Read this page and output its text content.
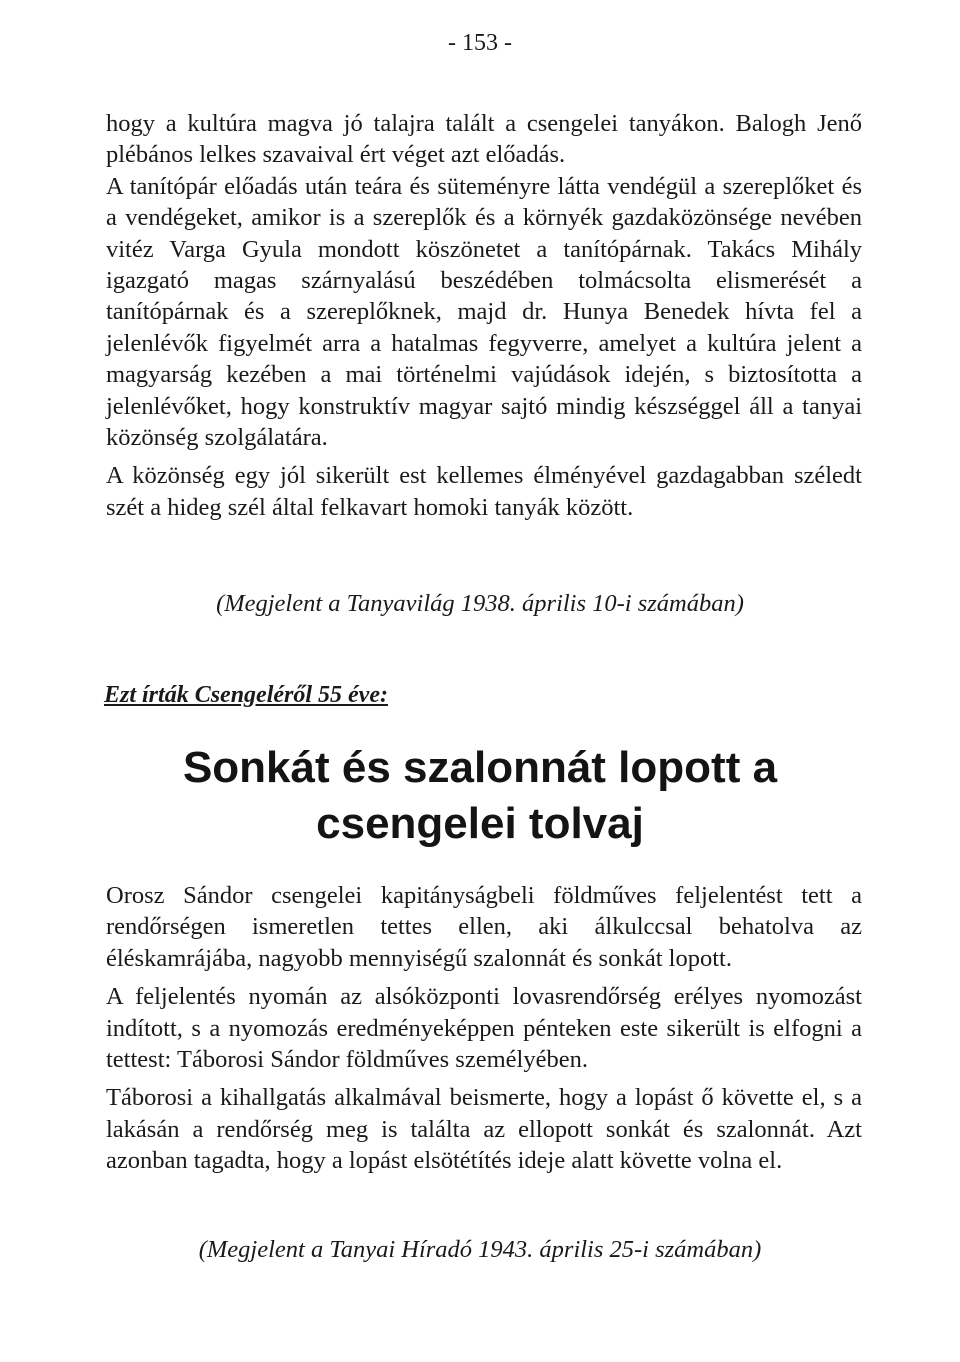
- 153 -

hogy a kultúra magva jó talajra talált a csengelei tanyákon. Balogh Jenő plébános lelkes szavaival ért véget azt előadás.

A tanítópár előadás után teára és süteményre látta vendégül a szereplőket és a vendégeket, amikor is a szereplők és a környék gazdaközönsége nevében vitéz Varga Gyula mondott köszönetet a tanítópárnak. Takács Mihály igazgató magas szárnyalású beszédében tolmácsolta elismerését a tanítópárnak és a szereplőknek, majd dr. Hunya Benedek hívta fel a jelenlévők figyelmét arra a hatalmas fegyverre, amelyet a kultúra jelent a magyarság kezében a mai történelmi vajúdások idején, s biztosította a jelenlévőket, hogy konstruktív magyar sajtó mindig készséggel áll a tanyai közönség szolgálatára.

A közönség egy jól sikerült est kellemes élményével gazdagabban széledt szét a hideg szél által felkavart homoki tanyák között.

(Megjelent a Tanyavilág 1938. április 10-i számában)
Ezt írták Csengeléről 55 éve:
Sonkát és szalonnát lopott a
csengelei tolvaj

Orosz Sándor csengelei kapitányságbeli földműves feljelentést tett a rendőrségen ismeretlen tettes ellen, aki álkulccsal behatolva az éléskamrájába, nagyobb mennyiségű szalonnát és sonkát lopott.

A feljelentés nyomán az alsóközponti lovasrendőrség erélyes nyomozást indított, s a nyomozás eredményeképpen pénteken este sikerült is elfogni a tettest: Táborosi Sándor földműves személyében.

Táborosi a kihallgatás alkalmával beismerte, hogy a lopást ő követte el, s a lakásán a rendőrség meg is találta az ellopott sonkát és szalonnát. Azt azonban tagadta, hogy a lopást elsötétítés ideje alatt követte volna el.

(Megjelent a Tanyai Híradó 1943. április 25-i számában)
